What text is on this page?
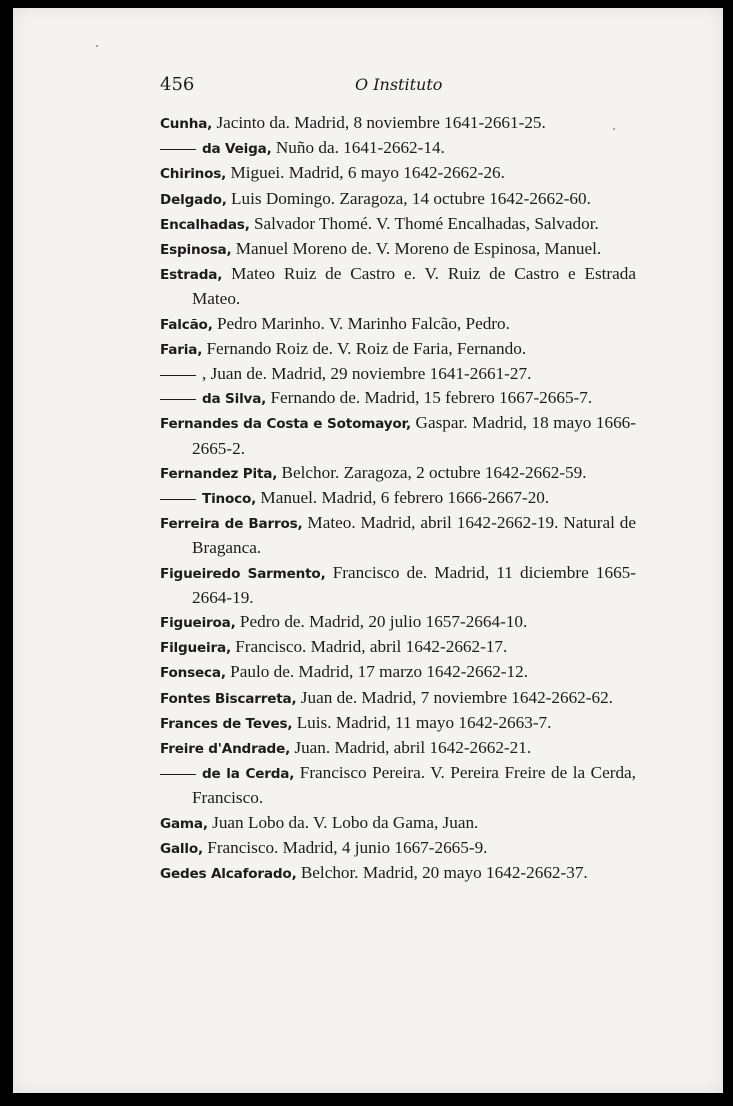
456	O Instituto
Cunha, Jacinto da. Madrid, 8 noviembre 1641-2661-25.
da Veiga, Nuño da. 1641-2662-14.
Chirinos, Miguei. Madrid, 6 mayo 1642-2662-26.
Delgado, Luis Domingo. Zaragoza, 14 octubre 1642-2662-60.
Encalhadas, Salvador Thomé. V. Thomé Encalhadas, Salvador.
Espinosa, Manuel Moreno de. V. Moreno de Espinosa, Manuel.
Estrada, Mateo Ruiz de Castro e. V. Ruiz de Castro e Estrada Mateo.
Falcão, Pedro Marinho. V. Marinho Falcão, Pedro.
Faria, Fernando Roiz de. V. Roiz de Faria, Fernando.
, Juan de. Madrid, 29 noviembre 1641-2661-27.
da Silva, Fernando de. Madrid, 15 febrero 1667-2665-7.
Fernandes da Costa e Sotomayor, Gaspar. Madrid, 18 mayo 1666-2665-2.
Fernandez Pita, Belchor. Zaragoza, 2 octubre 1642-2662-59.
Tinoco, Manuel. Madrid, 6 febrero 1666-2667-20.
Ferreira de Barros, Mateo. Madrid, abril 1642-2662-19. Natural de Braganca.
Figueiredo Sarmento, Francisco de. Madrid, 11 diciembre 1665-2664-19.
Figueiroa, Pedro de. Madrid, 20 julio 1657-2664-10.
Filgueira, Francisco. Madrid, abril 1642-2662-17.
Fonseca, Paulo de. Madrid, 17 marzo 1642-2662-12.
Fontes Biscarreta, Juan de. Madrid, 7 noviembre 1642-2662-62.
Frances de Teves, Luis. Madrid, 11 mayo 1642-2663-7.
Freire d'Andrade, Juan. Madrid, abril 1642-2662-21.
de la Cerda, Francisco Pereira. V. Pereira Freire de la Cerda, Francisco.
Gama, Juan Lobo da. V. Lobo da Gama, Juan.
Gallo, Francisco. Madrid, 4 junio 1667-2665-9.
Gedes Alcaforado, Belchor. Madrid, 20 mayo 1642-2662-37.
